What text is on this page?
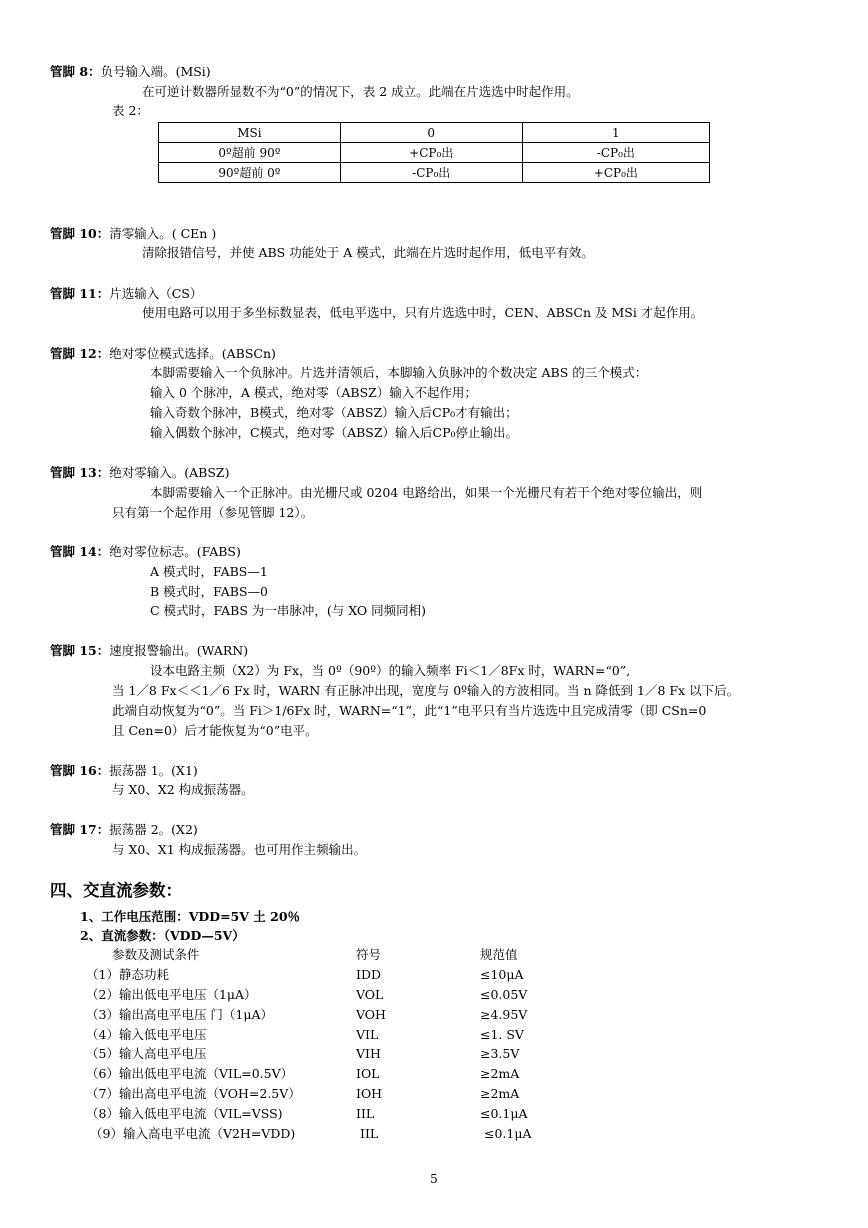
管脚 8：负号输入端。(MSi)
在可逆计数器所显数不为“0”的情况下，表 2 成立。此端在片选选中时起作用。
表 2：
MSi	0	1
0º超前 90º	+CP₀出	-CP₀出
90º超前 0º	-CP₀出	+CP₀出
管脚 10：清零输入。( CEn )
清除报错信号，并使 ABS 功能处于 A 模式，此端在片选时起作用，低电平有效。
管脚 11：片选输入（CS）
使用电路可以用于多坐标数显表，低电平选中，只有片选选中时，CEN、ABSCn 及 MSi 才起作用。
管脚 12：绝对零位模式选择。(ABSCn)
本脚需要输入一个负脉冲。片选并清领后，本脚输入负脉冲的个数决定 ABS 的三个模式：
输入 0 个脉冲，A 模式，绝对零（ABSZ）输入不起作用；
输入奇数个脉冲，B模式，绝对零（ABSZ）输入后CP₀才有输出；
输入偶数个脉冲，C模式，绝对零（ABSZ）输入后CP₀停止输出。
管脚 13：绝对零输入。(ABSZ)
本脚需要输入一个正脉冲。由光栅尺或 0204 电路给出，如果一个光栅尺有若干个绝对零位输出，则
只有第一个起作用（参见管脚 12）。
管脚 14：绝对零位标志。(FABS)
A 模式时，FABS—1
B 模式时，FABS—0
C 模式时，FABS 为一串脉冲，(与 XO 同频同相)
管脚 15：速度报警输出。(WARN)
设本电路主频（X2）为 Fx，当 0º（90º）的输入频率 Fi＜1／8Fx 时，WARN=“0”,
当 1／8 Fx＜＜1／6 Fx 时，WARN 有正脉冲出现，宽度与 0º输入的方波相同。当 n 降低到 1／8 Fx 以下后。
此端自动恢复为“0”。当 Fi＞1/6Fx 时，WARN=“1”，此“1”电平只有当片选选中且完成清零（即 CSn=0
且 Cen=0）后才能恢复为“0”电平。
管脚 16：振荡器 1。(X1)
与 X0、X2 构成振荡器。
管脚 17：振荡器 2。(X2)
与 X0、X1 构成振荡器。也可用作主频输出。
四、交直流参数：
1、工作电压范围：VDD=5V 土 20％
2、直流参数：（VDD—5V）
参数及测试条件	符号	规范值
（1）静态功耗	IDD	≤10μA
（2）输出低电平电压（1μA）	VOL	≤0.05V
（3）输出高电平电压 门（1μA）	VOH	≥4.95V
（4）输入低电平电压	VIL	≤1. SV
（5）输人高电平电压	VIH	≥3.5V
（6）输出低电平电流（VIL=0.5V）	IOL	≥2mA
（7）输出高电平电流（VOH=2.5V）	IOH	≥2mA
（8）输入低电平电流（VIL=VSS)	IIL	≤0.1μA
（9）输入高电平电流（V2H=VDD)	IIL	≤0.1μA
5
